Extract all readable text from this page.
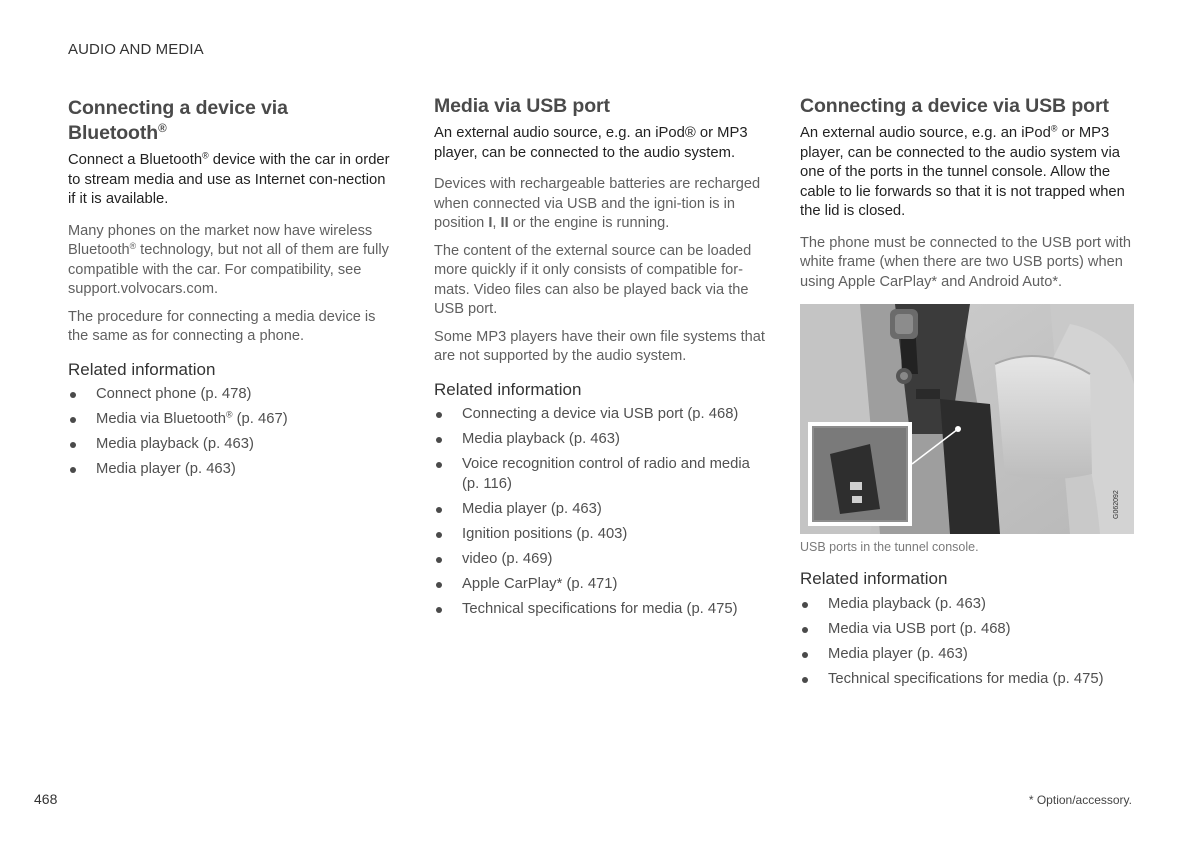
AUDIO AND MEDIA
Connecting a device via Bluetooth®

Connect a Bluetooth® device with the car in order to stream media and use as Internet con-nection if it is available.

Many phones on the market now have wireless Bluetooth® technology, but not all of them are fully compatible with the car. For compatibility, see support.volvocars.com.

The procedure for connecting a media device is the same as for connecting a phone.

Related information
Connect phone (p. 478)
Media via Bluetooth® (p. 467)
Media playback (p. 463)
Media player (p. 463)
Media via USB port

An external audio source, e.g. an iPod® or MP3 player, can be connected to the audio system.

Devices with rechargeable batteries are recharged when connected via USB and the igni-tion is in position I, II or the engine is running.

The content of the external source can be loaded more quickly if it only consists of compatible for-mats. Video files can also be played back via the USB port.

Some MP3 players have their own file systems that are not supported by the audio system.

Related information
Connecting a device via USB port (p. 468)
Media playback (p. 463)
Voice recognition control of radio and media (p. 116)
Media player (p. 463)
Ignition positions (p. 403)
video (p. 469)
Apple CarPlay* (p. 471)
Technical specifications for media (p. 475)
Connecting a device via USB port

An external audio source, e.g. an iPod® or MP3 player, can be connected to the audio system via one of the ports in the tunnel console. Allow the cable to lie forwards so that it is not trapped when the lid is closed.

The phone must be connected to the USB port with white frame (when there are two USB ports) when using Apple CarPlay* and Android Auto*.

G062092
USB ports in the tunnel console.
Related information
Media playback (p. 463)
Media via USB port (p. 468)
Media player (p. 463)
Technical specifications for media (p. 475)
468	* Option/accessory.
